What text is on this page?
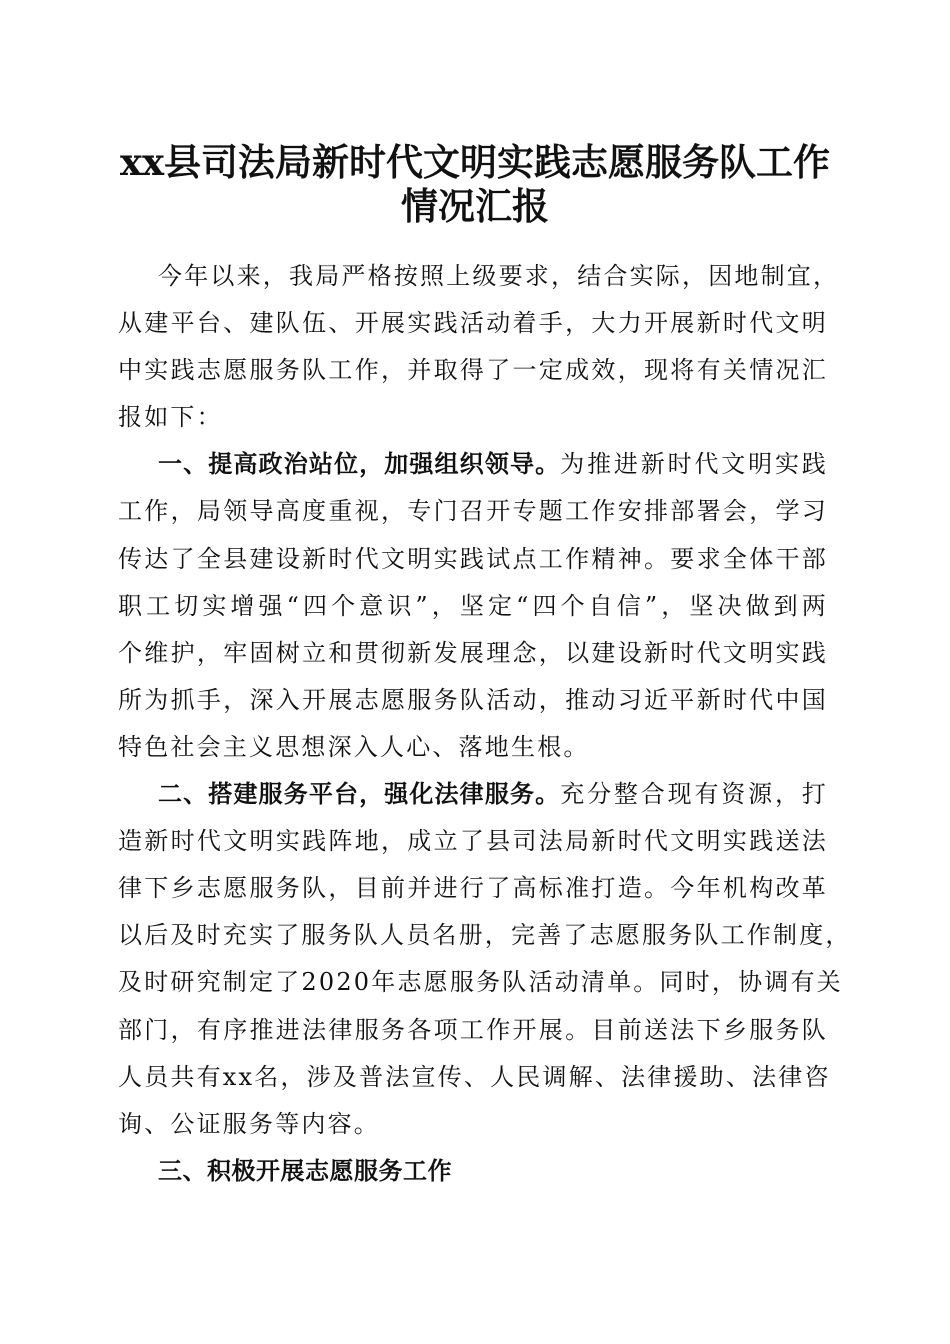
xx县司法局新时代文明实践志愿服务队工作
情况汇报
今年以来，我局严格按照上级要求，结合实际，因地制宜，
从建平台、建队伍、开展实践活动着手，大力开展新时代文明
中实践志愿服务队工作，并取得了一定成效，现将有关情况汇
报如下：
一、提高政治站位，加强组织领导。为推进新时代文明实践
工作，局领导高度重视，专门召开专题工作安排部署会，学习
传达了全县建设新时代文明实践试点工作精神。要求全体干部
职工切实增强“四个意识”，坚定“四个自信”，坚决做到两
个维护，牢固树立和贯彻新发展理念，以建设新时代文明实践
所为抓手，深入开展志愿服务队活动，推动习近平新时代中国
特色社会主义思想深入人心、落地生根。
二、搭建服务平台，强化法律服务。充分整合现有资源，打
造新时代文明实践阵地，成立了县司法局新时代文明实践送法
律下乡志愿服务队，目前并进行了高标准打造。今年机构改革
以后及时充实了服务队人员名册，完善了志愿服务队工作制度，
及时研究制定了2020年志愿服务队活动清单。同时，协调有关
部门，有序推进法律服务各项工作开展。目前送法下乡服务队
人员共有xx名，涉及普法宣传、人民调解、法律援助、法律咨
询、公证服务等内容。
三、积极开展志愿服务工作
